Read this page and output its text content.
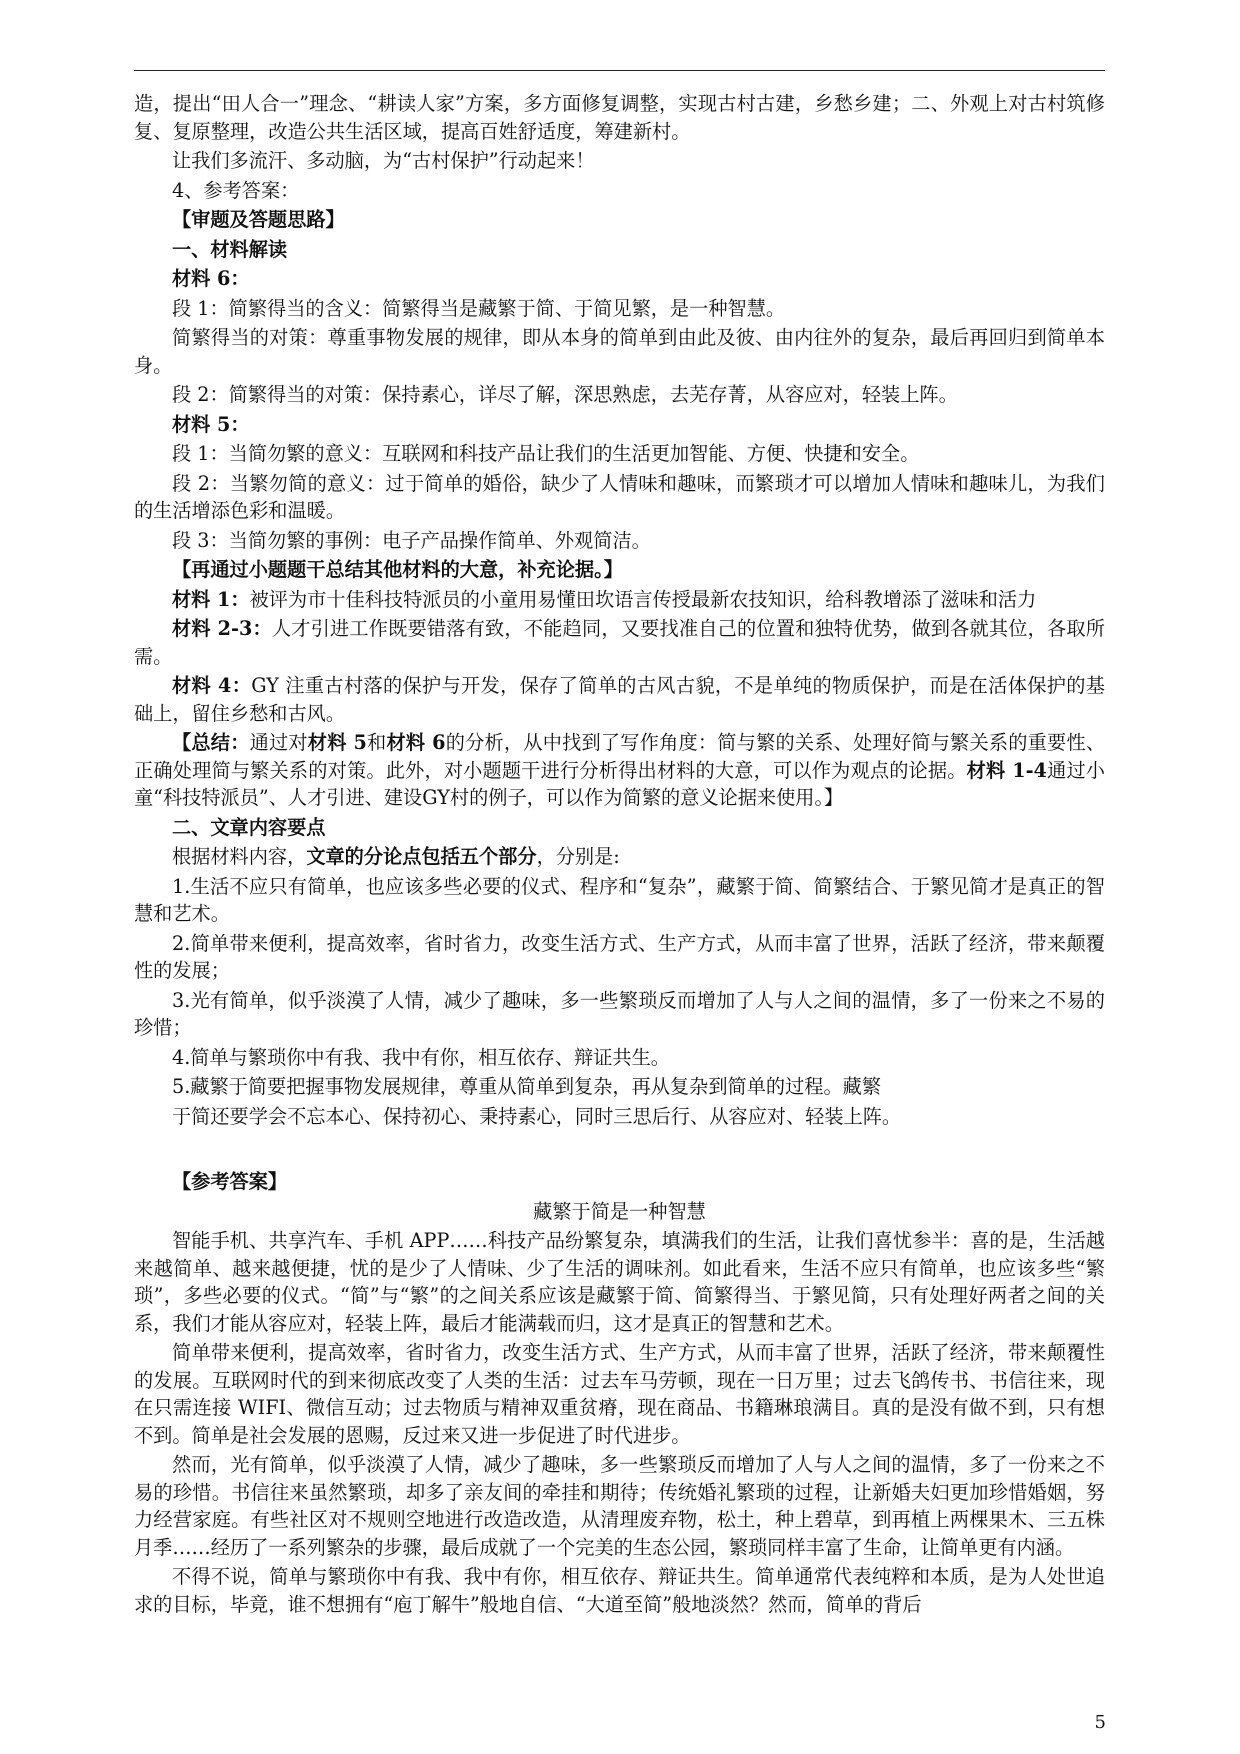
造，提出“田人合一”理念、“耕读人家”方案，多方面修复调整，实现古村古建，乡愁乡建；二、外观上对古村筑修复、复原整理，改造公共生活区域，提高百姓舒适度，筹建新村。

让我们多流汗、多动脑，为“古村保护”行动起来！

4、参考答案：

【审题及答题思路】

一、材料解读

材料 6：

段 1：简繁得当的含义：简繁得当是藏繁于简、于简见繁，是一种智慧。

简繁得当的对策：尊重事物发展的规律，即从本身的简单到由此及彼、由内往外的复杂，最后再回归到简单本身。

段 2：简繁得当的对策：保持素心，详尽了解，深思熟虑，去芜存菁，从容应对，轻装上阵。

材料 5：

段 1：当简勿繁的意义：互联网和科技产品让我们的生活更加智能、方便、快捷和安全。

段 2：当繁勿简的意义：过于简单的婚俗，缺少了人情味和趣味，而繁琐才可以增加人情味和趣味儿，为我们的生活增添色彩和温暖。

段 3：当简勿繁的事例：电子产品操作简单、外观简洁。

【再通过小题题干总结其他材料的大意，补充论据。】

材料 1：被评为市十佳科技特派员的小童用易懂田坎语言传授最新农技知识，给科教增添了滋味和活力

材料 2-3：人才引进工作既要错落有致，不能趋同，又要找准自己的位置和独特优势，做到各就其位，各取所需。

材料 4：GY 注重古村落的保护与开发，保存了简单的古风古貌，不是单纯的物质保护，而是在活体保护的基础上，留住乡愁和古风。

【总结：通过对材料 5和材料 6的分析，从中找到了写作角度：简与繁的关系、处理好简与繁关系的重要性、正确处理简与繁关系的对策。此外，对小题题干进行分析得出材料的大意，可以作为观点的论据。材料 1-4通过小童“科技特派员”、人才引进、建设GY村的例子，可以作为简繁的意义论据来使用。】

二、文章内容要点

根据材料内容，文章的分论点包括五个部分，分别是:

1.生活不应只有简单，也应该多些必要的仪式、程序和“复杂”，藏繁于简、简繁结合、于繁见简才是真正的智慧和艺术。

2.简单带来便利，提高效率，省时省力，改变生活方式、生产方式，从而丰富了世界，活跃了经济，带来颠覆性的发展；

3.光有简单，似乎淡漠了人情，减少了趣味，多一些繁琐反而增加了人与人之间的温情，多了一份来之不易的珍惜；

4.简单与繁琐你中有我、我中有你，相互依存、辩证共生。

5.藏繁于简要把握事物发展规律，尊重从简单到复杂，再从复杂到简单的过程。藏繁

于简还要学会不忘本心、保持初心、秉持素心，同时三思后行、从容应对、轻装上阵。

【参考答案】

藏繁于简是一种智慧

智能手机、共享汽车、手机 APP……科技产品纷繁复杂，填满我们的生活，让我们喜忧参半：喜的是，生活越来越简单、越来越便捷，忧的是少了人情味、少了生活的调味剂。如此看来，生活不应只有简单，也应该多些“繁琐”，多些必要的仪式。“简”与“繁”的之间关系应该是藏繁于简、简繁得当、于繁见简，只有处理好两者之间的关系，我们才能从容应对，轻装上阵，最后才能满载而归，这才是真正的智慧和艺术。

简单带来便利，提高效率，省时省力，改变生活方式、生产方式，从而丰富了世界，活跃了经济，带来颠覆性的发展。互联网时代的到来彻底改变了人类的生活：过去车马劳顿，现在一日万里；过去飞鸽传书、书信往来，现在只需连接 WIFI、微信互动；过去物质与精神双重贫瘠，现在商品、书籍琳琅满目。真的是没有做不到，只有想不到。简单是社会发展的恩赐，反过来又进一步促进了时代进步。

然而，光有简单，似乎淡漠了人情，减少了趣味，多一些繁琐反而增加了人与人之间的温情，多了一份来之不易的珍惜。书信往来虽然繁琐，却多了亲友间的牵挂和期待；传统婚礼繁琐的过程，让新婚夫妇更加珍惜婚姻，努力经营家庭。有些社区对不规则空地进行改造改造，从清理废弃物，松土，种上碧草，到再植上两棵果木、三五株月季……经历了一系列繁杂的步骤，最后成就了一个完美的生态公园，繁琐同样丰富了生命，让简单更有内涵。

不得不说，简单与繁琐你中有我、我中有你，相互依存、辩证共生。简单通常代表纯粹和本质，是为人处世追求的目标，毕竟，谁不想拥有“庖丁解牛”般地自信、“大道至简”般地淡然？然而，简单的背后

5
